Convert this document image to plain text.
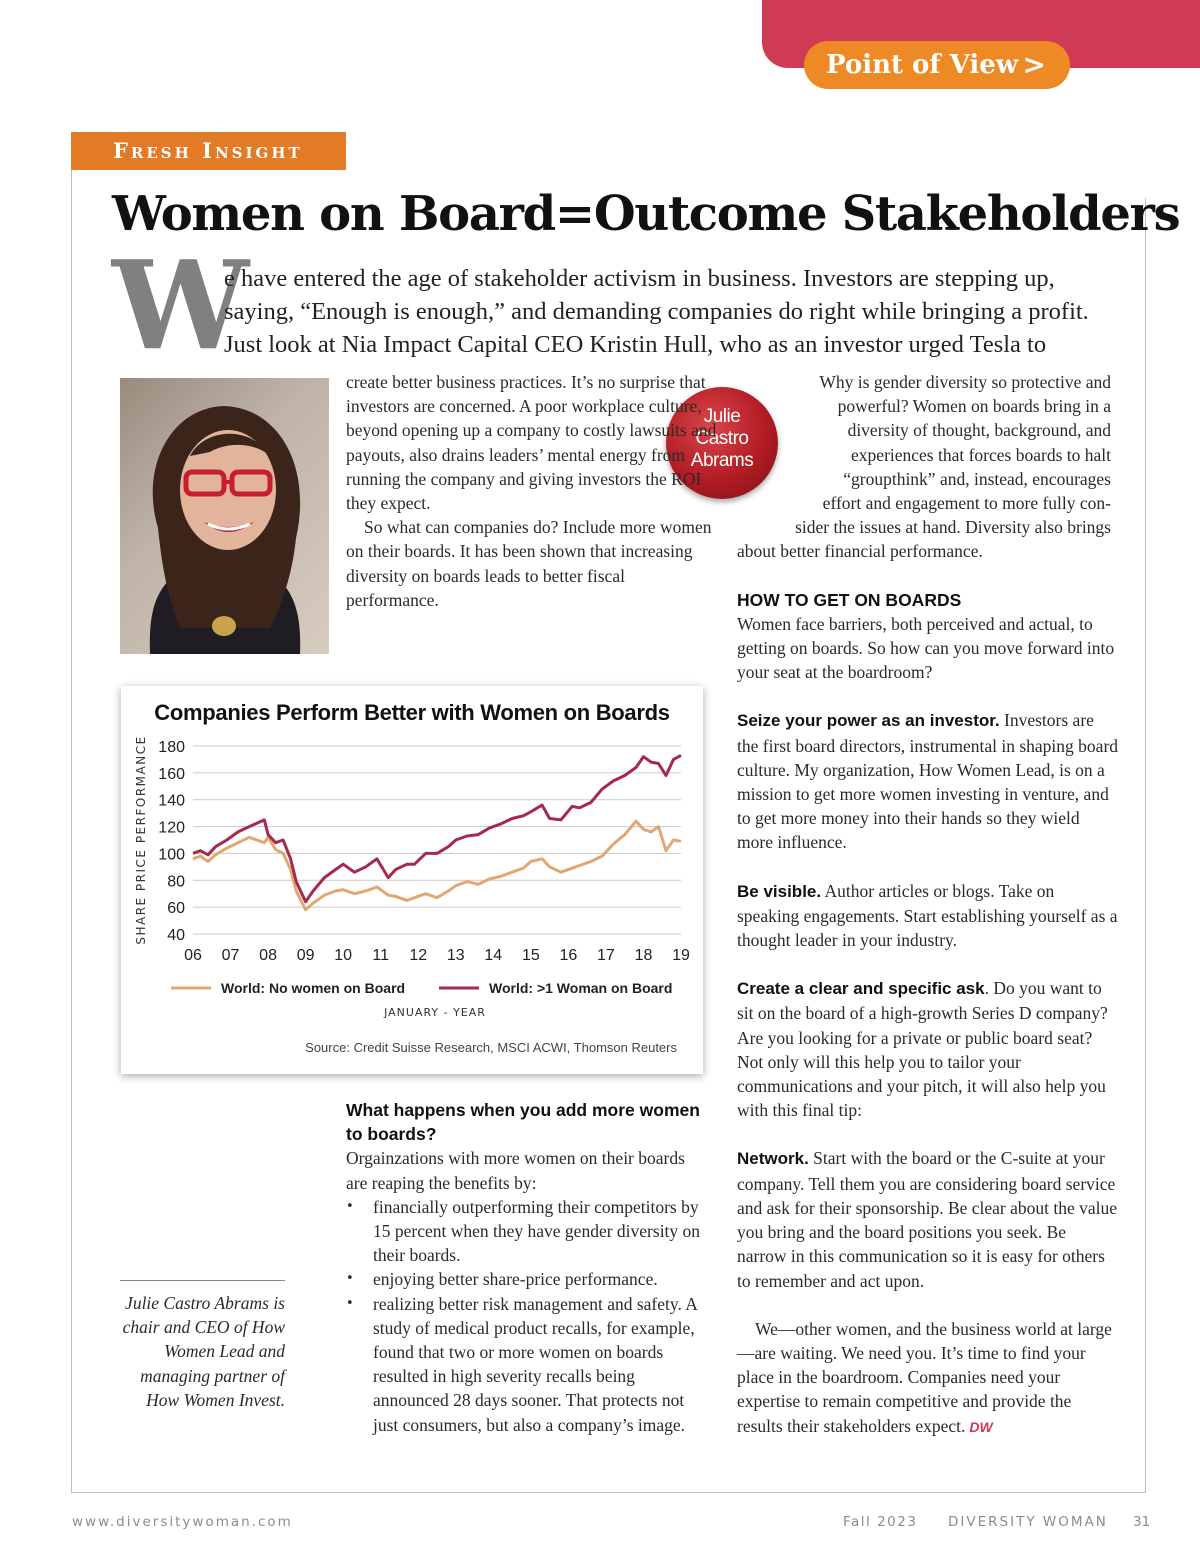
Point of View >
Fresh Insight
Women on Board=Outcome Stakeholders
W
e have entered the age of stakeholder activism in business. Investors are stepping up,
saying, “Enough is enough,” and demanding companies do right while bringing a profit.
Just look at Nia Impact Capital CEO Kristin Hull, who as an investor urged Tesla to
Julie
Castro
Abrams

create better business practices. It’s no surprise that investors are concerned. A poor workplace culture, beyond opening up a company to costly lawsuits and payouts, also drains leaders’ mental energy from running the company and giving investors the ROI they expect.

So what can companies do? Include more women on their boards. It has been shown that increasing diversity on boards leads to better fiscal performance.

Why is gender diversity so protective and
powerful? Women on boards bring in a
diversity of thought, background, and
experiences that forces boards to halt
“groupthink” and, instead, encourages
effort and engagement to more fully con-
sider the issues at hand. Diversity also brings

about better financial performance.

HOW TO GET ON BOARDS

Women face barriers, both perceived and actual, to getting on boards. So how can you move forward into your seat at the boardroom?

Seize your power as an investor. Investors are the first board directors, instrumental in shaping board culture. My organization, How Women Lead, is on a mission to get more women investing in venture, and to get more money into their hands so they wield more influence.

Be visible. Author articles or blogs. Take on speaking engagements. Start establishing yourself as a thought leader in your industry.

Create a clear and specific ask. Do you want to sit on the board of a high-growth Series D company? Are you looking for a private or public board seat? Not only will this help you to tailor your communications and your pitch, it will also help you with this final tip:

Network. Start with the board or the C-suite at your company. Tell them you are considering board service and ask for their sponsorship. Be clear about the value you bring and the board positions you seek. Be narrow in this communication so it is easy for others to remember and act upon.

We—other women, and the business world at large—are waiting. We need you. It’s time to find your place in the boardroom. Companies need your expertise to remain competitive and provide the results their stakeholders expect. DW

180
160
140
120
100
80
60
40
06 07 08 09 10 11 12 13 14 15 16 17 18 19
SHARE PRICE PERFORMANCE
JANUARY - YEAR
World: No women on Board	World: >1 Woman on Board
Companies Perform Better with Women on Boards
Source: Credit Suisse Research, MSCI ACWI, Thomson Reuters
What happens when you add more women to boards?

Orgainzations with more women on their boards are reaping the benefits by:

• financially outperforming their competitors by 15 percent when they have gender diversity on their boards.
• enjoying better share-price performance.
• realizing better risk management and safety. A study of medical product recalls, for example, found that two or more women on boards resulted in high severity recalls being announced 28 days sooner. That protects not just consumers, but also a company’s image.
Julie Castro Abrams is chair and CEO of How Women Lead and managing partner of How Women Invest.
www.diversitywoman.com	Fall 2023 DIVERSITY WOMAN 31
